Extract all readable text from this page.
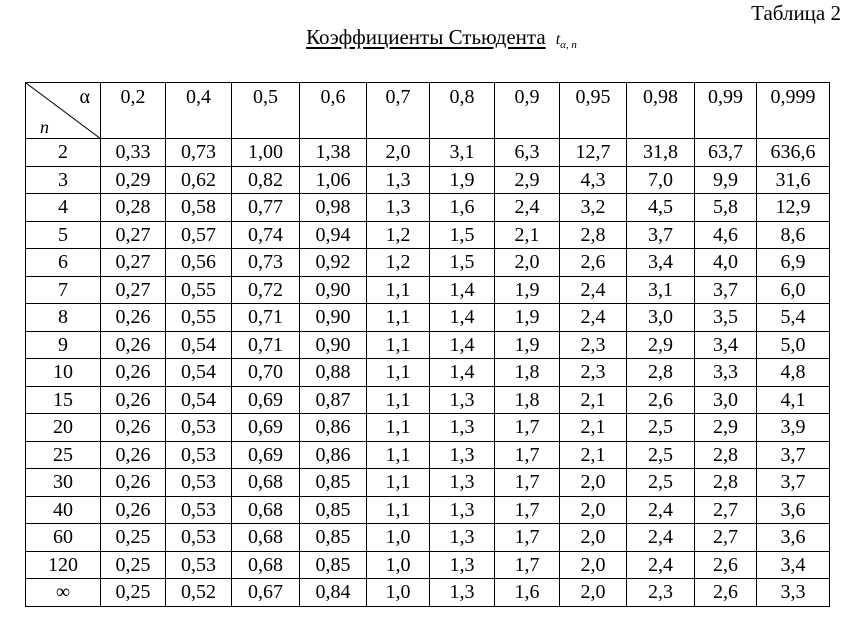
Таблица 2
Коэффициенты Стьюдента tα, n
α
n	0,2	0,4	0,5	0,6	0,7	0,8	0,9	0,95	0,98	0,99	0,999
2	0,33	0,73	1,00	1,38	2,0	3,1	6,3	12,7	31,8	63,7	636,6
3	0,29	0,62	0,82	1,06	1,3	1,9	2,9	4,3	7,0	9,9	31,6
4	0,28	0,58	0,77	0,98	1,3	1,6	2,4	3,2	4,5	5,8	12,9
5	0,27	0,57	0,74	0,94	1,2	1,5	2,1	2,8	3,7	4,6	8,6
6	0,27	0,56	0,73	0,92	1,2	1,5	2,0	2,6	3,4	4,0	6,9
7	0,27	0,55	0,72	0,90	1,1	1,4	1,9	2,4	3,1	3,7	6,0
8	0,26	0,55	0,71	0,90	1,1	1,4	1,9	2,4	3,0	3,5	5,4
9	0,26	0,54	0,71	0,90	1,1	1,4	1,9	2,3	2,9	3,4	5,0
10	0,26	0,54	0,70	0,88	1,1	1,4	1,8	2,3	2,8	3,3	4,8
15	0,26	0,54	0,69	0,87	1,1	1,3	1,8	2,1	2,6	3,0	4,1
20	0,26	0,53	0,69	0,86	1,1	1,3	1,7	2,1	2,5	2,9	3,9
25	0,26	0,53	0,69	0,86	1,1	1,3	1,7	2,1	2,5	2,8	3,7
30	0,26	0,53	0,68	0,85	1,1	1,3	1,7	2,0	2,5	2,8	3,7
40	0,26	0,53	0,68	0,85	1,1	1,3	1,7	2,0	2,4	2,7	3,6
60	0,25	0,53	0,68	0,85	1,0	1,3	1,7	2,0	2,4	2,7	3,6
120	0,25	0,53	0,68	0,85	1,0	1,3	1,7	2,0	2,4	2,6	3,4
∞	0,25	0,52	0,67	0,84	1,0	1,3	1,6	2,0	2,3	2,6	3,3
